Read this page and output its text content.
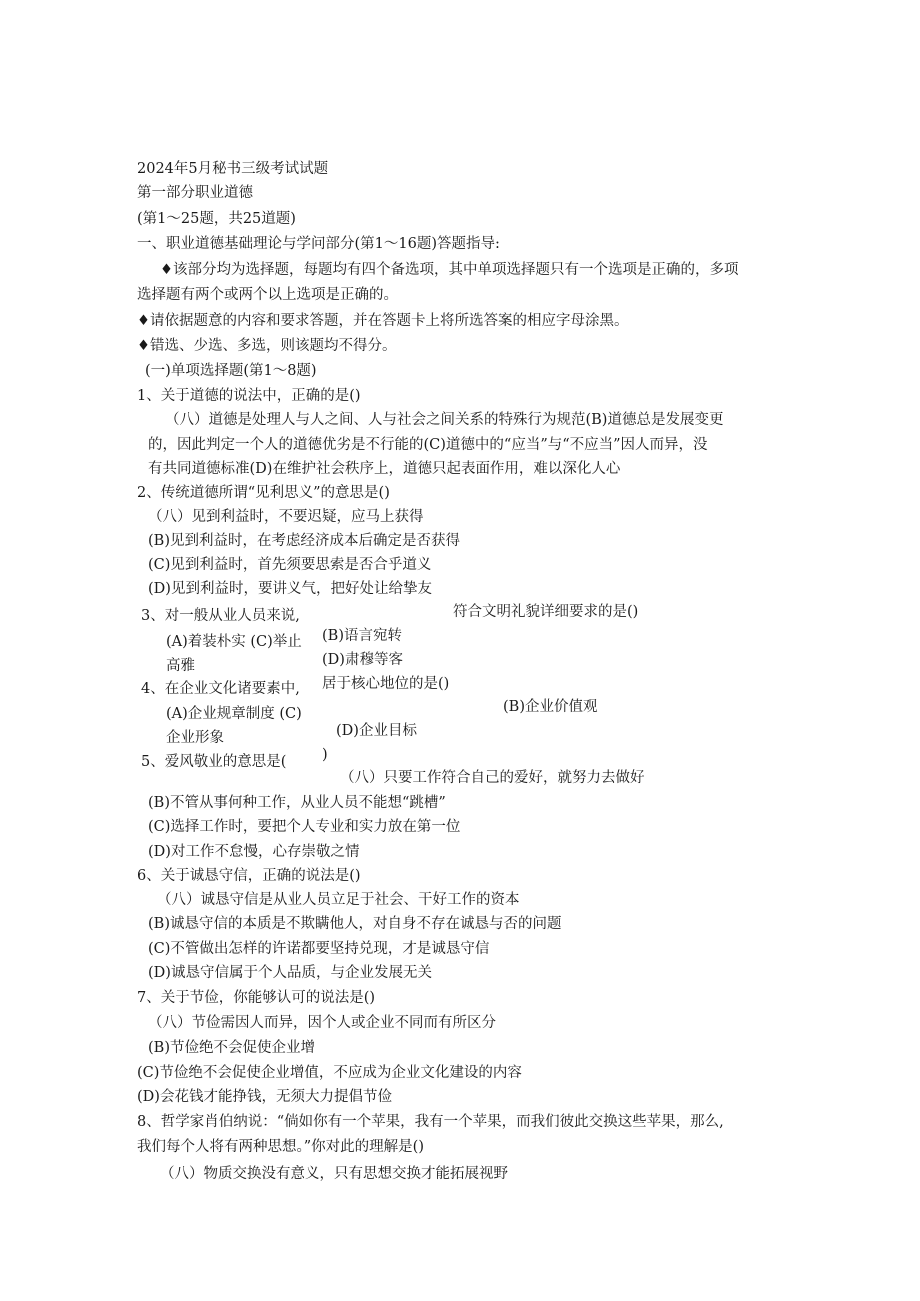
2024年5月秘书三级考试试题
第一部分职业道德
(第1〜25题，共25道题)
一、职业道德基础理论与学问部分(第1〜16题)答题指导:
♦该部分均为选择题，每题均有四个备选项，其中单项选择题只有一个选项是正确的，多项
选择题有两个或两个以上选项是正确的。
♦请依据题意的内容和要求答题，并在答题卡上将所选答案的相应字母涂黑。
♦错选、少选、多选，则该题均不得分。
(一)单项选择题(第1〜8题)
1、关于道德的说法中，正确的是()
（八）道德是处理人与人之间、人与社会之间关系的特殊行为规范(B)道德总是发展变更
的，因此判定一个人的道德优劣是不行能的(C)道德中的“应当”与“不应当”因人而异，没
有共同道德标准(D)在维护社会秩序上，道德只起表面作用，难以深化人心
2、传统道德所谓“见利思义”的意思是()
（八）见到利益时，不要迟疑，应马上获得
(B)见到利益时，在考虑经济成本后确定是否获得
(C)见到利益时，首先须要思索是否合乎道义
(D)见到利益时，要讲义气，把好处让给挚友
3、对一般从业人员来说,	符合文明礼貌详细要求的是()
(A)着装朴实 (C)举止 (B)语言宛转
高雅	(D)肃穆等客
居于核心地位的是()
4、在企业文化诸要素中,
(A)企业规章制度 (C)	(B)企业价值观
(D)企业目标
企业形象
)
5、爱风敬业的意思是(
（八）只要工作符合自己的爱好，就努力去做好
(B)不管从事何种工作，从业人员不能想“跳槽”
(C)选择工作时，要把个人专业和实力放在第一位
(D)对工作不怠慢，心存崇敬之情
6、关于诚恳守信，正确的说法是()
（八）诚恳守信是从业人员立足于社会、干好工作的资本
(B)诚恳守信的本质是不欺瞒他人，对自身不存在诚恳与否的问题
(C)不管做出怎样的许诺都要坚持兑现，才是诚恳守信
(D)诚恳守信属于个人品质，与企业发展无关
7、关于节俭，你能够认可的说法是()
（八）节俭需因人而异，因个人或企业不同而有所区分
(B)节俭绝不会促使企业增
(C)节俭绝不会促使企业增值，不应成为企业文化建设的内容
(D)会花钱才能挣钱，无须大力提倡节俭
8、哲学家肖伯纳说：“倘如你有一个苹果，我有一个苹果，而我们彼此交换这些苹果，那么,
我们每个人将有两种思想。”你对此的理解是()
（八）物质交换没有意义，只有思想交换才能拓展视野
